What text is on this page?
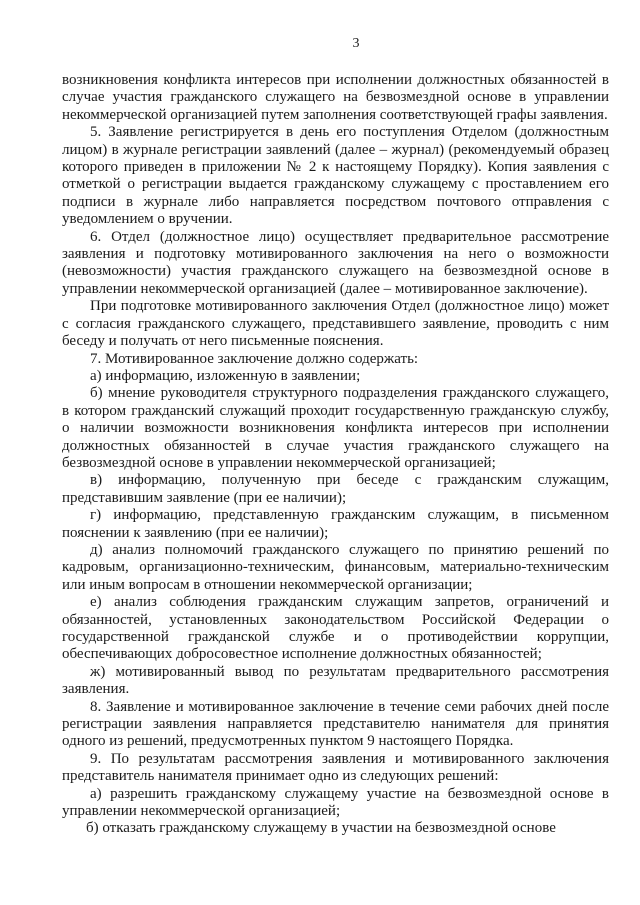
3

возникновения конфликта интересов при исполнении должностных обязанностей в случае участия гражданского служащего на безвозмездной основе в управлении некоммерческой организацией путем заполнения соответствующей графы заявления.

5. Заявление регистрируется в день его поступления Отделом (должностным лицом) в журнале регистрации заявлений (далее – журнал) (рекомендуемый образец которого приведен в приложении № 2 к настоящему Порядку). Копия заявления с отметкой о регистрации выдается гражданскому служащему с проставлением его подписи в журнале либо направляется посредством почтового отправления с уведомлением о вручении.

6. Отдел (должностное лицо) осуществляет предварительное рассмотрение заявления и подготовку мотивированного заключения на него о возможности (невозможности) участия гражданского служащего на безвозмездной основе в управлении некоммерческой организацией (далее – мотивированное заключение).

При подготовке мотивированного заключения Отдел (должностное лицо) может с согласия гражданского служащего, представившего заявление, проводить с ним беседу и получать от него письменные пояснения.

7. Мотивированное заключение должно содержать:

а) информацию, изложенную в заявлении;

б) мнение руководителя структурного подразделения гражданского служащего, в котором гражданский служащий проходит государственную гражданскую службу, о наличии возможности возникновения конфликта интересов при исполнении должностных обязанностей в случае участия гражданского служащего на безвозмездной основе в управлении некоммерческой организацией;

в) информацию, полученную при беседе с гражданским служащим, представившим заявление (при ее наличии);

г) информацию, представленную гражданским служащим, в письменном пояснении к заявлению (при ее наличии);

д) анализ полномочий гражданского служащего по принятию решений по кадровым, организационно-техническим, финансовым, материально-техническим или иным вопросам в отношении некоммерческой организации;

е) анализ соблюдения гражданским служащим запретов, ограничений и обязанностей, установленных законодательством Российской Федерации о государственной гражданской службе и о противодействии коррупции, обеспечивающих добросовестное исполнение должностных обязанностей;

ж) мотивированный вывод по результатам предварительного рассмотрения заявления.

8. Заявление и мотивированное заключение в течение семи рабочих дней после регистрации заявления направляется представителю нанимателя для принятия одного из решений, предусмотренных пунктом 9 настоящего Порядка.

9. По результатам рассмотрения заявления и мотивированного заключения представитель нанимателя принимает одно из следующих решений:

а) разрешить гражданскому служащему участие на безвозмездной основе в управлении некоммерческой организацией;

б) отказать гражданскому служащему в участии на безвозмездной основе
